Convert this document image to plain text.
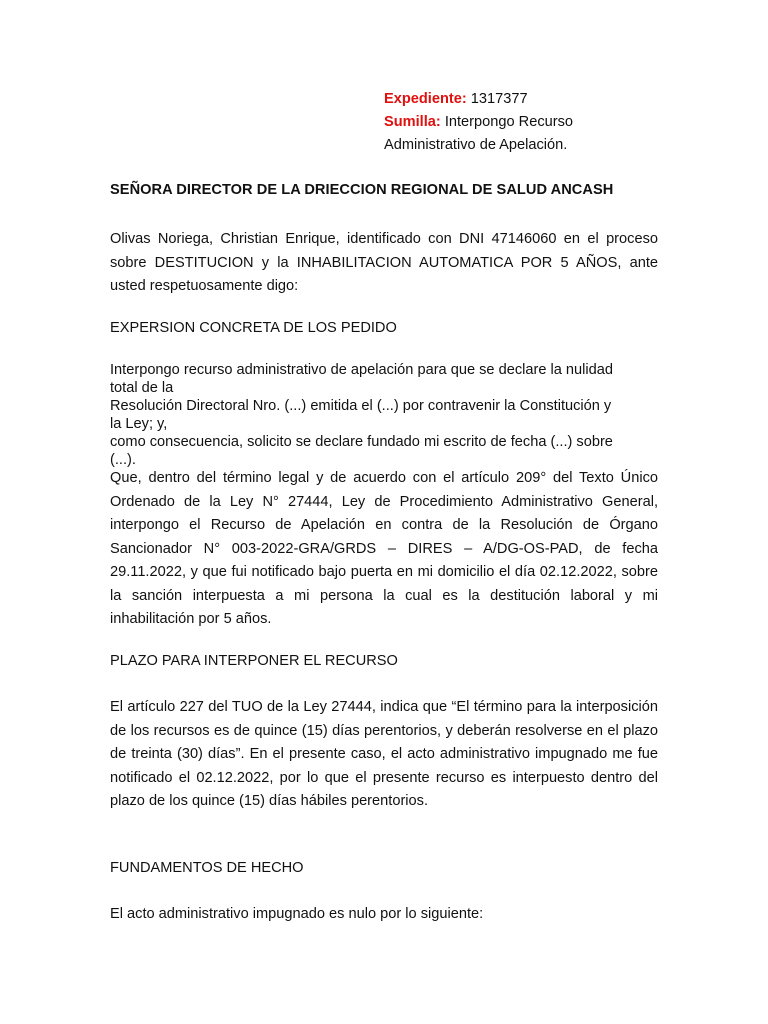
Expediente: 1317377
Sumilla: Interpongo Recurso
Administrativo de Apelación.
SEÑORA DIRECTOR DE LA DRIECCION REGIONAL DE SALUD ANCASH
Olivas Noriega, Christian Enrique, identificado con DNI 47146060 en el proceso sobre DESTITUCION y la INHABILITACION AUTOMATICA POR 5 AÑOS, ante usted respetuosamente digo:
EXPERSION CONCRETA DE LOS PEDIDO
Interpongo recurso administrativo de apelación para que se declare la nulidad
total de la
Resolución Directoral Nro. (...) emitida el (...) por contravenir la Constitución y
la Ley; y,
como consecuencia, solicito se declare fundado mi escrito de fecha (...) sobre
(...).
Que, dentro del término legal y de acuerdo con el artículo 209° del Texto Único Ordenado de la Ley N° 27444, Ley de Procedimiento Administrativo General, interpongo el Recurso de Apelación en contra de la Resolución de Órgano Sancionador N° 003-2022-GRA/GRDS – DIRES – A/DG-OS-PAD, de fecha 29.11.2022, y que fui notificado bajo puerta en mi domicilio el día 02.12.2022, sobre la sanción interpuesta a mi persona la cual es la destitución laboral y mi inhabilitación por 5 años.
PLAZO PARA INTERPONER EL RECURSO
El artículo 227 del TUO de la Ley 27444, indica que “El término para la interposición de los recursos es de quince (15) días perentorios, y deberán resolverse en el plazo de treinta (30) días”. En el presente caso, el acto administrativo impugnado me fue notificado el 02.12.2022, por lo que el presente recurso es interpuesto dentro del plazo de los quince (15) días hábiles perentorios.
FUNDAMENTOS DE HECHO
El acto administrativo impugnado es nulo por lo siguiente:
